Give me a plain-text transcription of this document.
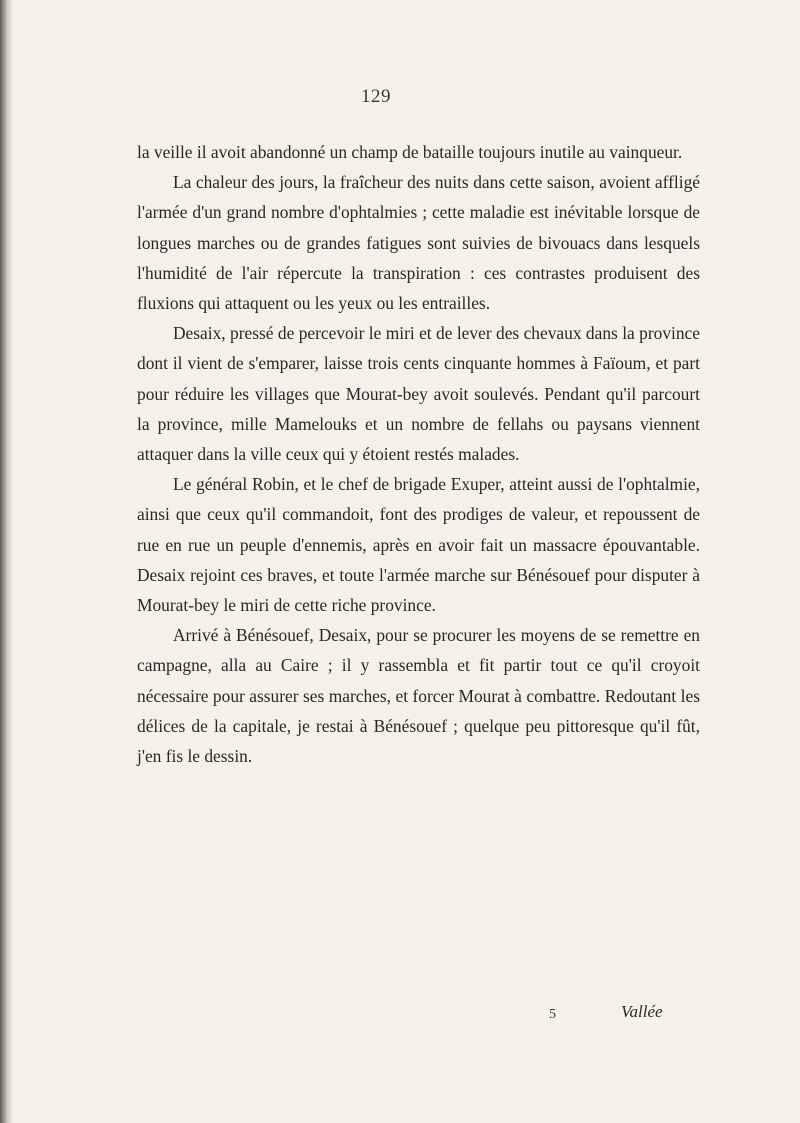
129

la veille il avoit abandonné un champ de bataille toujours inutile au vainqueur.

La chaleur des jours, la fraîcheur des nuits dans cette saison, avoient affligé l'armée d'un grand nombre d'ophtalmies ; cette maladie est inévitable lorsque de longues marches ou de grandes fatigues sont suivies de bivouacs dans lesquels l'humidité de l'air répercute la transpiration : ces contrastes produisent des fluxions qui attaquent ou les yeux ou les entrailles.

Desaix, pressé de percevoir le miri et de lever des chevaux dans la province dont il vient de s'emparer, laisse trois cents cinquante hommes à Faïoum, et part pour réduire les villages que Mourat-bey avoit soulevés. Pendant qu'il parcourt la province, mille Mamelouks et un nombre de fellahs ou paysans viennent attaquer dans la ville ceux qui y étoient restés malades.

Le général Robin, et le chef de brigade Exuper, atteint aussi de l'ophtalmie, ainsi que ceux qu'il commandoit, font des prodiges de valeur, et repoussent de rue en rue un peuple d'ennemis, après en avoir fait un massacre épouvantable. Desaix rejoint ces braves, et toute l'armée marche sur Bénésouef pour disputer à Mourat-bey le miri de cette riche province.

Arrivé à Bénésouef, Desaix, pour se procurer les moyens de se remettre en campagne, alla au Caire ; il y rassembla et fit partir tout ce qu'il croyoit nécessaire pour assurer ses marches, et forcer Mourat à combattre. Redoutant les délices de la capitale, je restai à Bénésouef ; quelque peu pittoresque qu'il fût, j'en fis le dessin.

5	Vallée
